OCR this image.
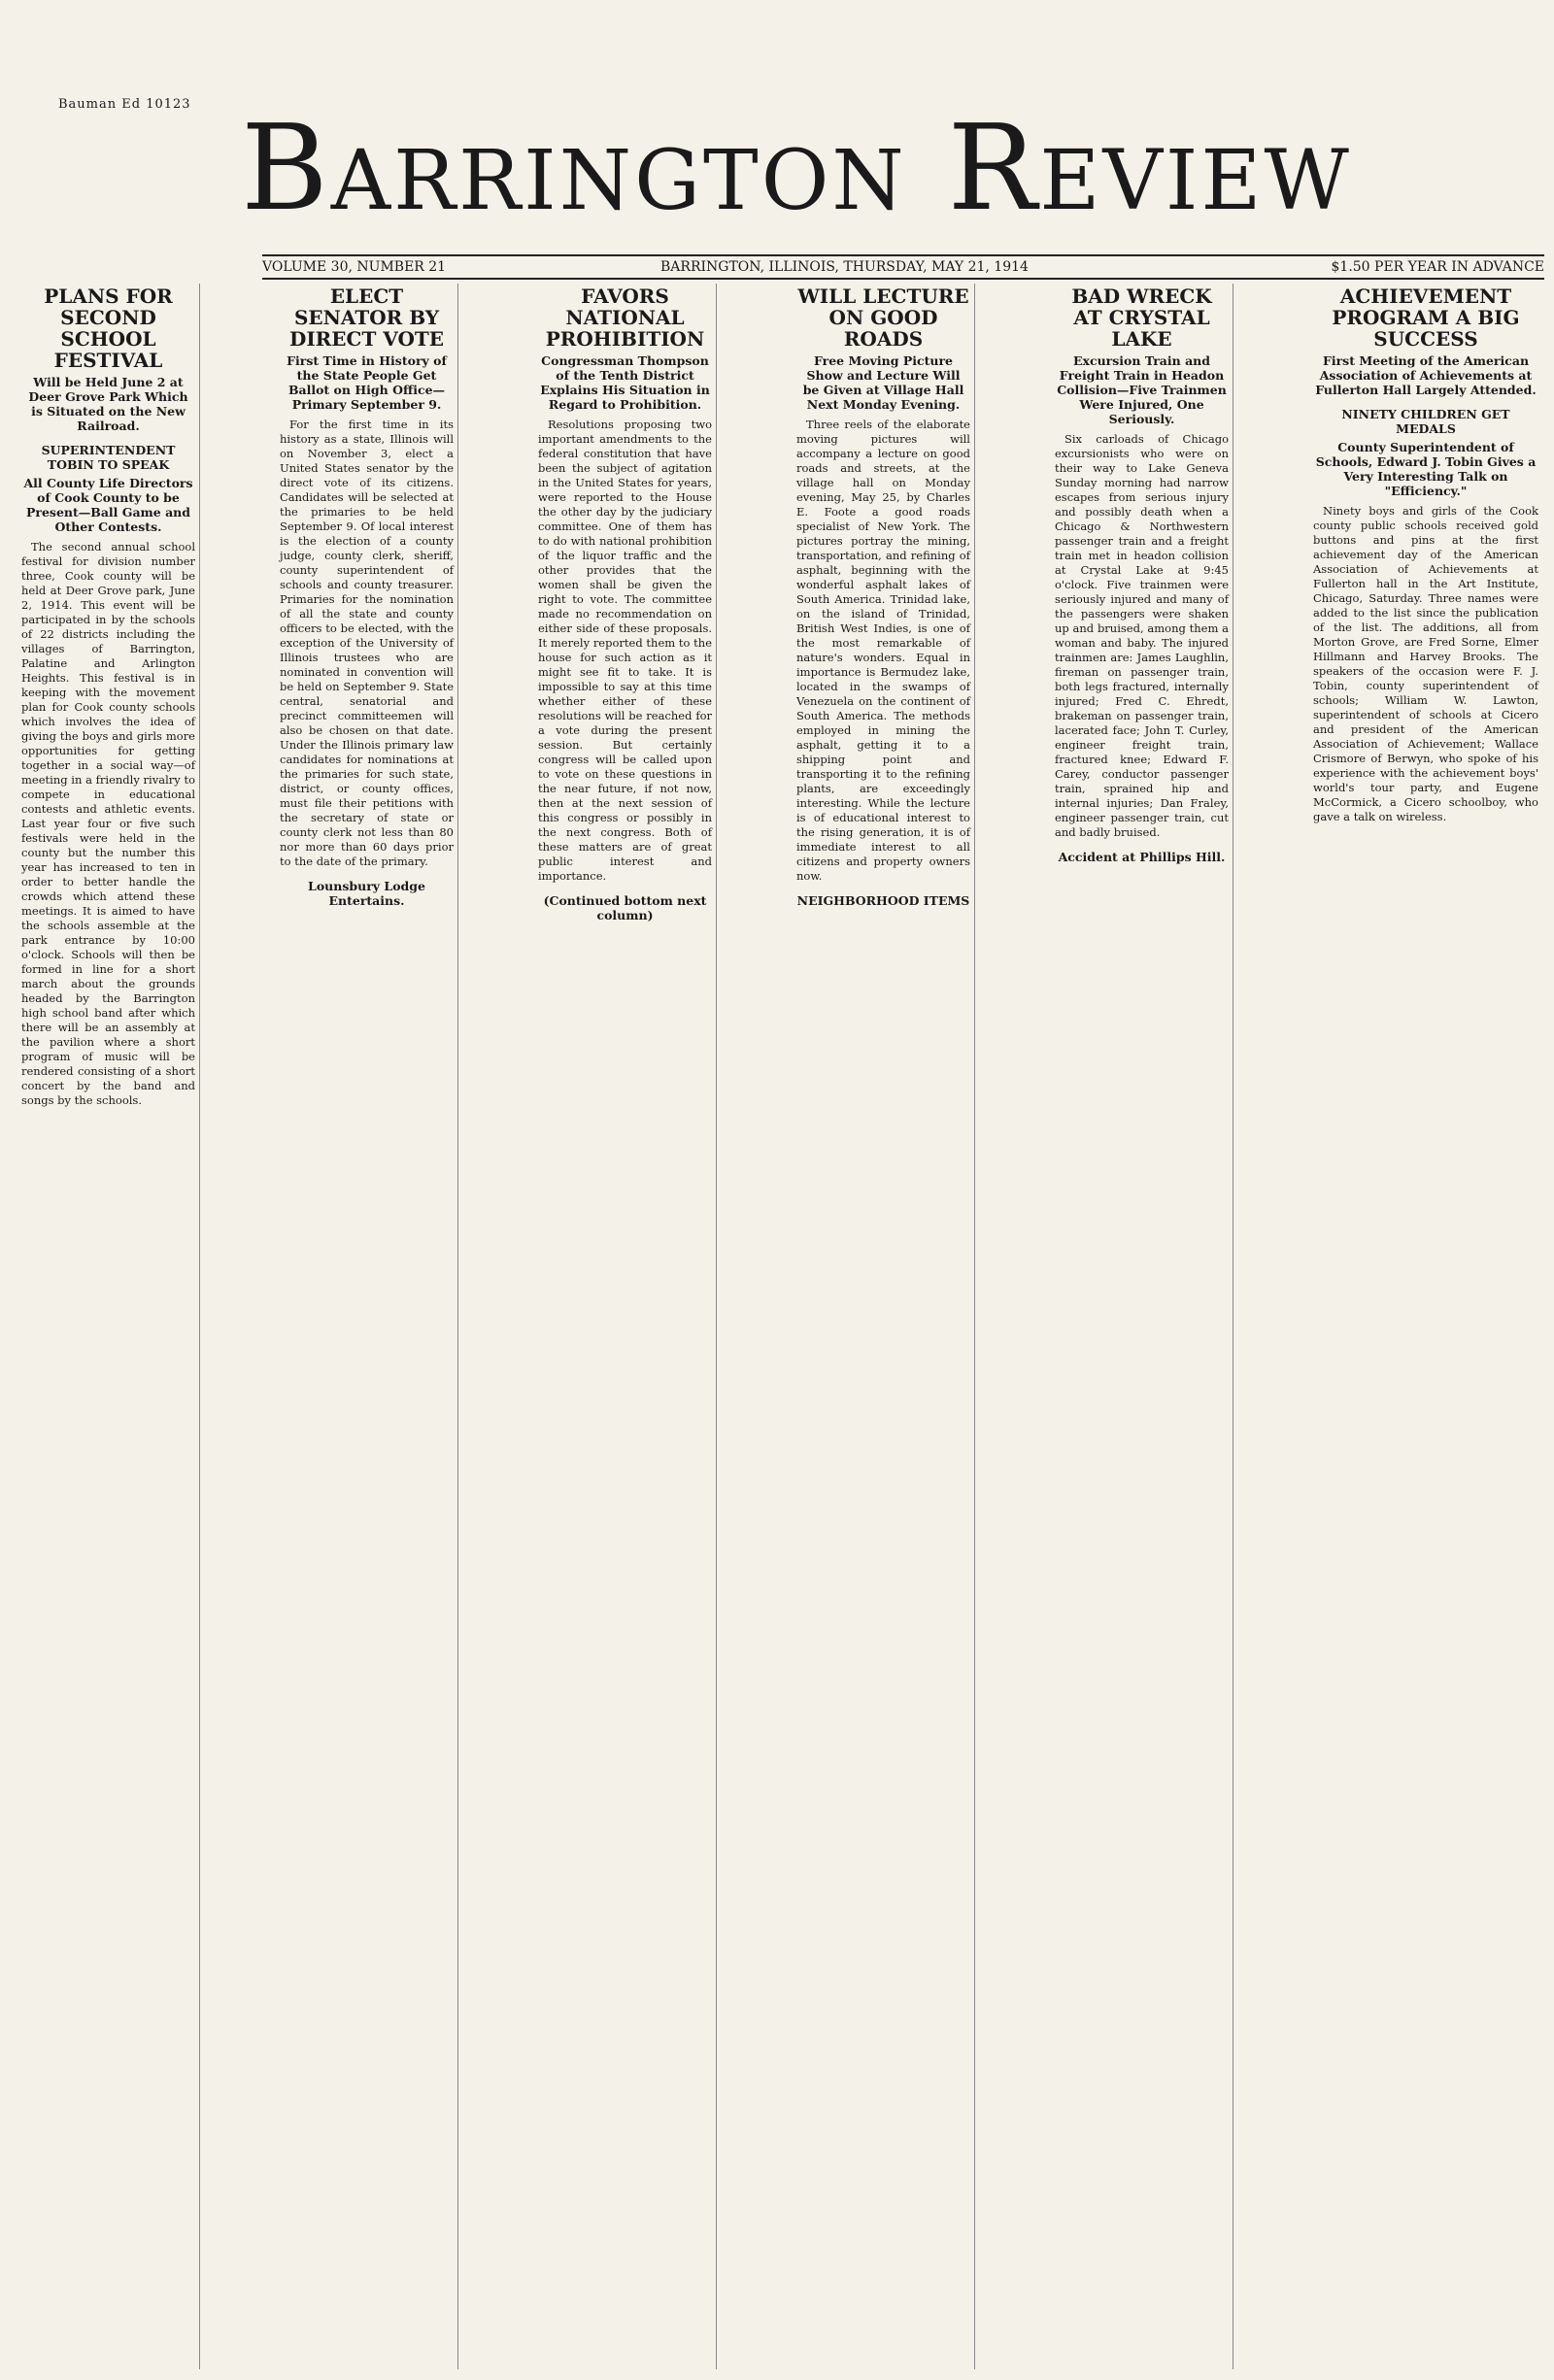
Bauman Ed 10123 Barrington Review
VOLUME 30, NUMBER 21	BARRINGTON, ILLINOIS, THURSDAY, MAY 21, 1914	$1.50 PER YEAR IN ADVANCE
PLANS FOR SECOND SCHOOL FESTIVAL
Will be Held June 2 at Deer Grove Park Which is Situated on the New Railroad.
SUPERINTENDENT TOBIN TO SPEAK
All County Life Directors of Cook County to be Present—Ball Game and Other Contests.

The second annual school festival for division number three, Cook county will be held at Deer Grove park, June 2, 1914. This event will be participated in by the schools of 22 districts including the villages of Barrington, Palatine and Arlington Heights. This festival is in keeping with the movement plan for Cook county schools which involves the idea of giving the boys and girls more opportunities for getting together in a social way—of meeting in a friendly rivalry to compete in educational contests and athletic events. Last year four or five such festivals were held in the county but the number this year has increased to ten in order to better handle the crowds which attend these meetings. It is aimed to have the schools assemble at the park entrance by 10:00 o'clock. Schools will then be formed in line for a short march about the grounds headed by the Barrington high school band after which there will be an assembly at the pavilion where a short program of music will be rendered consisting of a short concert by the band and songs by the schools.

ELECT SENATOR BY DIRECT VOTE
First Time in History of the State People Get Ballot on High Office—Primary September 9.

For the first time in its history as a state, Illinois will on November 3, elect a United States senator by the direct vote of its citizens. Candidates will be selected at the primaries to be held September 9. Of local interest is the election of a county judge, county clerk, sheriff, county superintendent of schools and county treasurer. Primaries for the nomination of all the state and county officers to be elected, with the exception of the University of Illinois trustees who are nominated in convention will be held on September 9. State central, senatorial and precinct committeemen will also be chosen on that date. Under the Illinois primary law candidates for nominations at the primaries for such state, district, or county offices, must file their petitions with the secretary of state or county clerk not less than 80 nor more than 60 days prior to the date of the primary.

Lounsbury Lodge Entertains.
FAVORS NATIONAL PROHIBITION
Congressman Thompson of the Tenth District Explains His Situation in Regard to Prohibition.

Resolutions proposing two important amendments to the federal constitution that have been the subject of agitation in the United States for years, were reported to the House the other day by the judiciary committee. One of them has to do with national prohibition of the liquor traffic and the other provides that the women shall be given the right to vote. The committee made no recommendation on either side of these proposals. It merely reported them to the house for such action as it might see fit to take. It is impossible to say at this time whether either of these resolutions will be reached for a vote during the present session. But certainly congress will be called upon to vote on these questions in the near future, if not now, then at the next session of this congress or possibly in the next congress. Both of these matters are of great public interest and importance.

(Continued bottom next column)
WILL LECTURE ON GOOD ROADS
Free Moving Picture Show and Lecture Will be Given at Village Hall Next Monday Evening.

Three reels of the elaborate moving pictures will accompany a lecture on good roads and streets, at the village hall on Monday evening, May 25, by Charles E. Foote a good roads specialist of New York. The pictures portray the mining, transportation, and refining of asphalt, beginning with the wonderful asphalt lakes of South America. Trinidad lake, on the island of Trinidad, British West Indies, is one of the most remarkable of nature's wonders. Equal in importance is Bermudez lake, located in the swamps of Venezuela on the continent of South America. The methods employed in mining the asphalt, getting it to a shipping point and transporting it to the refining plants, are exceedingly interesting. While the lecture is of educational interest to the rising generation, it is of immediate interest to all citizens and property owners now.

NEIGHBORHOOD ITEMS
BAD WRECK AT CRYSTAL LAKE
Excursion Train and Freight Train in Headon Collision—Five Trainmen Were Injured, One Seriously.

Six carloads of Chicago excursionists who were on their way to Lake Geneva Sunday morning had narrow escapes from serious injury and possibly death when a Chicago & Northwestern passenger train and a freight train met in headon collision at Crystal Lake at 9:45 o'clock. Five trainmen were seriously injured and many of the passengers were shaken up and bruised, among them a woman and baby. The injured trainmen are: James Laughlin, fireman on passenger train, both legs fractured, internally injured; Fred C. Ehredt, brakeman on passenger train, lacerated face; John T. Curley, engineer freight train, fractured knee; Edward F. Carey, conductor passenger train, sprained hip and internal injuries; Dan Fraley, engineer passenger train, cut and badly bruised.

Accident at Phillips Hill.
ACHIEVEMENT PROGRAM A BIG SUCCESS
First Meeting of the American Association of Achievements at Fullerton Hall Largely Attended.
NINETY CHILDREN GET MEDALS
County Superintendent of Schools, Edward J. Tobin Gives a Very Interesting Talk on "Efficiency."

Ninety boys and girls of the Cook county public schools received gold buttons and pins at the first achievement day of the American Association of Achievements at Fullerton hall in the Art Institute, Chicago, Saturday. Three names were added to the list since the publication of the list. The additions, all from Morton Grove, are Fred Sorne, Elmer Hillmann and Harvey Brooks. The speakers of the occasion were F. J. Tobin, county superintendent of schools; William W. Lawton, superintendent of schools at Cicero and president of the American Association of Achievement; Wallace Crismore of Berwyn, who spoke of his experience with the achievement boys' world's tour party, and Eugene McCormick, a Cicero schoolboy, who gave a talk on wireless.
